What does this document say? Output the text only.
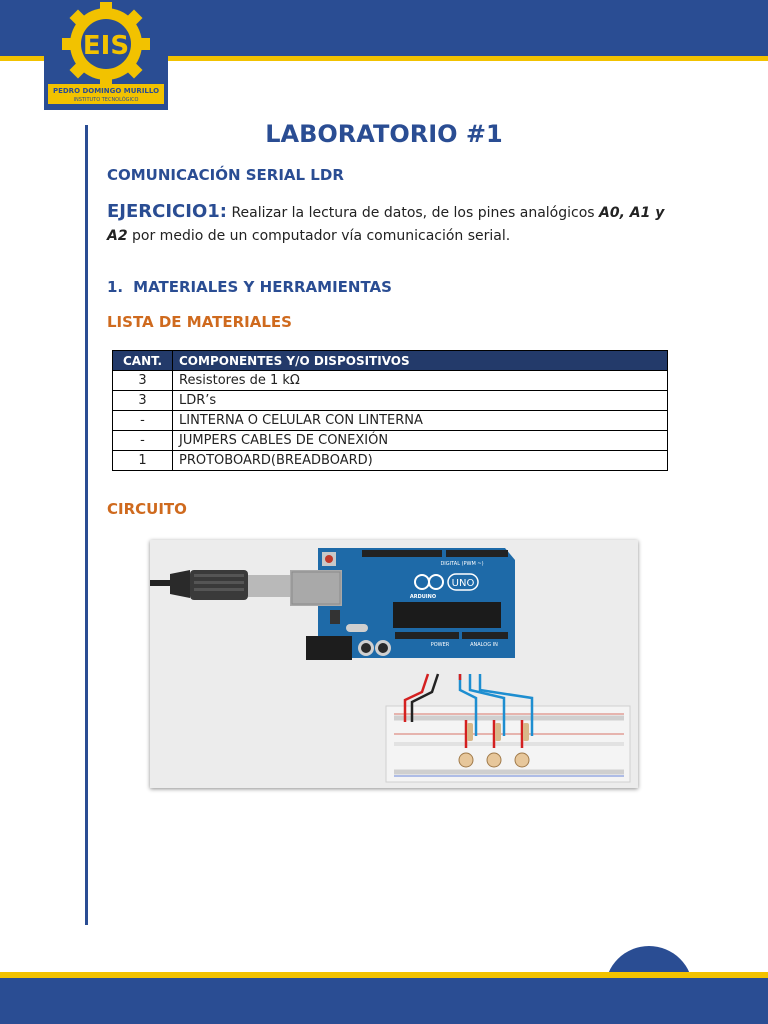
EIS
PEDRO DOMINGO MURILLO
INSTITUTO TECNOLÓGICO
LABORATORIO #1
COMUNICACIÓN SERIAL LDR

EJERCICIO1: Realizar la lectura de datos, de los pines analógicos A0, A1 y A2 por medio de un computador vía comunicación serial.

1. MATERIALES Y HERRAMIENTAS
LISTA DE MATERIALES
CANT.	COMPONENTES Y/O DISPOSITIVOS
3	Resistores de 1 kΩ
3	LDR’s
-	LINTERNA O CELULAR CON LINTERNA
-	JUMPERS CABLES DE CONEXIÓN
1	PROTOBOARD(BREADBOARD)
CIRCUITO
UNO
ARDUINO
DIGITAL (PWM ~)
POWER	ANALOG IN
